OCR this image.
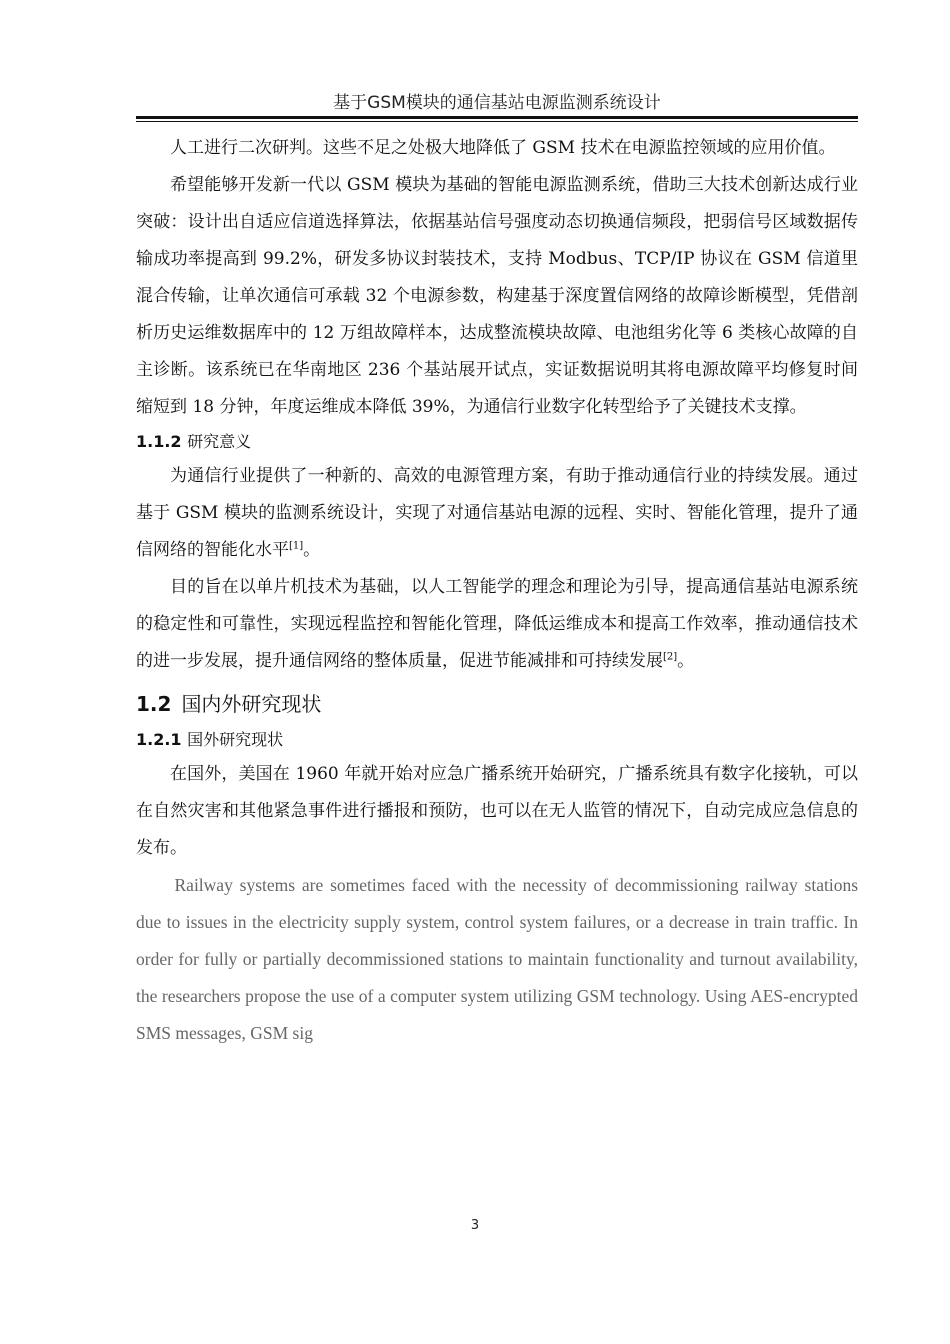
基于GSM模块的通信基站电源监测系统设计

人工进行二次研判。这些不足之处极大地降低了 GSM 技术在电源监控领域的应用价值。

希望能够开发新一代以 GSM 模块为基础的智能电源监测系统，借助三大技术创新达成行业突破：设计出自适应信道选择算法，依据基站信号强度动态切换通信频段，把弱信号区域数据传输成功率提高到 99.2%，研发多协议封装技术，支持 Modbus、TCP/IP 协议在 GSM 信道里混合传输，让单次通信可承载 32 个电源参数，构建基于深度置信网络的故障诊断模型，凭借剖析历史运维数据库中的 12 万组故障样本，达成整流模块故障、电池组劣化等 6 类核心故障的自主诊断。该系统已在华南地区 236 个基站展开试点，实证数据说明其将电源故障平均修复时间缩短到 18 分钟，年度运维成本降低 39%，为通信行业数字化转型给予了关键技术支撑。

1.1.2 研究意义

为通信行业提供了一种新的、高效的电源管理方案，有助于推动通信行业的持续发展。通过基于 GSM 模块的监测系统设计，实现了对通信基站电源的远程、实时、智能化管理，提升了通信网络的智能化水平[1]。

目的旨在以单片机技术为基础，以人工智能学的理念和理论为引导，提高通信基站电源系统的稳定性和可靠性，实现远程监控和智能化管理，降低运维成本和提高工作效率，推动通信技术的进一步发展，提升通信网络的整体质量，促进节能减排和可持续发展[2]。

1.2 国内外研究现状
1.2.1 国外研究现状

在国外，美国在 1960 年就开始对应急广播系统开始研究，广播系统具有数字化接轨，可以在自然灾害和其他紧急事件进行播报和预防，也可以在无人监管的情况下，自动完成应急信息的发布。

Railway systems are sometimes faced with the necessity of decommissioning railway stations due to issues in the electricity supply system, control system failures, or a decrease in train traffic. In order for fully or partially decommissioned stations to maintain functionality and turnout availability, the researchers propose the use of a computer system utilizing GSM technology. Using AES-encrypted SMS messages, GSM sig

3
